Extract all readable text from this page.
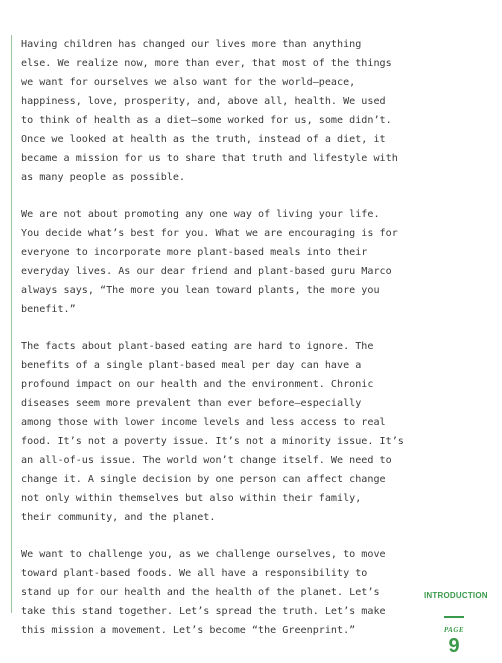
Having children has changed our lives more than anything
else. We realize now, more than ever, that most of the things
we want for ourselves we also want for the world—peace,
happiness, love, prosperity, and, above all, health. We used
to think of health as a diet—some worked for us, some didn’t.
Once we looked at health as the truth, instead of a diet, it
became a mission for us to share that truth and lifestyle with
as many people as possible.

We are not about promoting any one way of living your life.
You decide what’s best for you. What we are encouraging is for
everyone to incorporate more plant-based meals into their
everyday lives. As our dear friend and plant-based guru Marco
always says, “The more you lean toward plants, the more you
benefit.”

The facts about plant-based eating are hard to ignore. The
benefits of a single plant-based meal per day can have a
profound impact on our health and the environment. Chronic
diseases seem more prevalent than ever before—especially
among those with lower income levels and less access to real
food. It’s not a poverty issue. It’s not a minority issue. It’s
an all-of-us issue. The world won’t change itself. We need to
change it. A single decision by one person can affect change
not only within themselves but also within their family,
their community, and the planet.

We want to challenge you, as we challenge ourselves, to move
toward plant-based foods. We all have a responsibility to
stand up for our health and the health of the planet. Let’s
take this stand together. Let’s spread the truth. Let’s make
this mission a movement. Let’s become “the Greenprint.”

INTRODUCTION
PAGE
9
